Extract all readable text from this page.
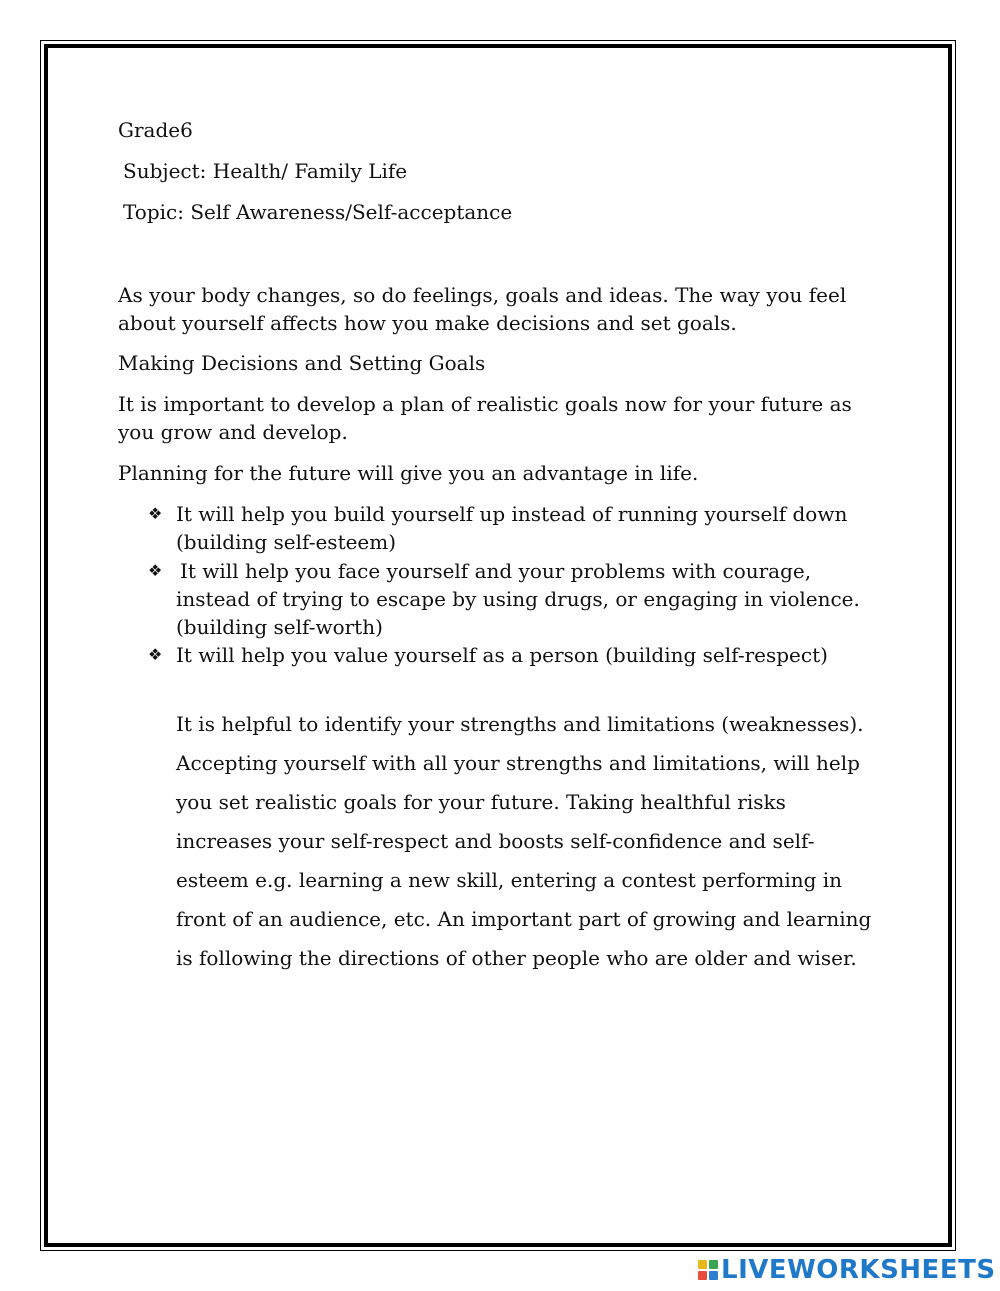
Grade6

Subject: Health/ Family Life

Topic: Self Awareness/Self-acceptance

As your body changes, so do feelings, goals and ideas. The way you feel about yourself affects how you make decisions and set goals.

Making Decisions and Setting Goals

It is important to develop a plan of realistic goals now for your future as you grow and develop.

Planning for the future will give you an advantage in life.

❖ It will help you build yourself up instead of running yourself down (building self-esteem)
❖ It will help you face yourself and your problems with courage, instead of trying to escape by using drugs, or engaging in violence. (building self-worth)
❖ It will help you value yourself as a person (building self-respect)

It is helpful to identify your strengths and limitations (weaknesses). Accepting yourself with all your strengths and limitations, will help you set realistic goals for your future. Taking healthful risks increases your self-respect and boosts self-confidence and self-esteem e.g. learning a new skill, entering a contest performing in front of an audience, etc. An important part of growing and learning is following the directions of other people who are older and wiser.

LIVEWORKSHEETS
